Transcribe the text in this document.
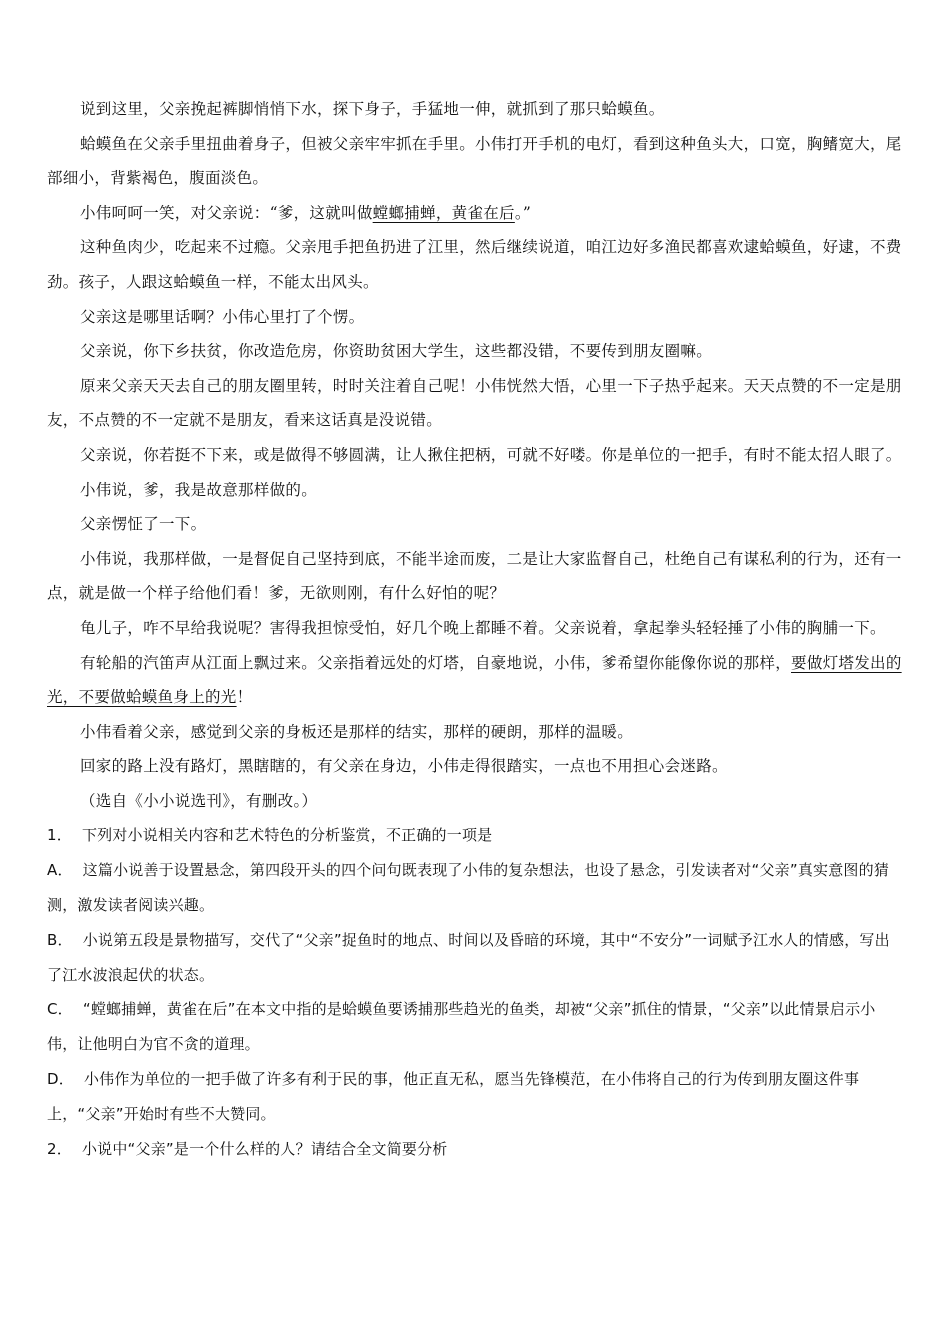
说到这里，父亲挽起裤脚悄悄下水，探下身子，手猛地一伸，就抓到了那只蛤蟆鱼。

蛤蟆鱼在父亲手里扭曲着身子，但被父亲牢牢抓在手里。小伟打开手机的电灯，看到这种鱼头大，口宽，胸鳍宽大，尾部细小，背紫褐色，腹面淡色。

小伟呵呵一笑，对父亲说：“爹，这就叫做螳螂捕蝉，黄雀在后。”

这种鱼肉少，吃起来不过瘾。父亲甩手把鱼扔进了江里，然后继续说道，咱江边好多渔民都喜欢逮蛤蟆鱼，好逮，不费劲。孩子，人跟这蛤蟆鱼一样，不能太出风头。

父亲这是哪里话啊？小伟心里打了个愣。

父亲说，你下乡扶贫，你改造危房，你资助贫困大学生，这些都没错，不要传到朋友圈嘛。

原来父亲天天去自己的朋友圈里转，时时关注着自己呢！小伟恍然大悟，心里一下子热乎起来。天天点赞的不一定是朋友，不点赞的不一定就不是朋友，看来这话真是没说错。

父亲说，你若挺不下来，或是做得不够圆满，让人揪住把柄，可就不好喽。你是单位的一把手，有时不能太招人眼了。

小伟说，爹，我是故意那样做的。

父亲愣怔了一下。

小伟说，我那样做，一是督促自己坚持到底，不能半途而废，二是让大家监督自己，杜绝自己有谋私利的行为，还有一点，就是做一个样子给他们看！爹，无欲则刚，有什么好怕的呢？

龟儿子，咋不早给我说呢？害得我担惊受怕，好几个晚上都睡不着。父亲说着，拿起拳头轻轻捶了小伟的胸脯一下。

有轮船的汽笛声从江面上飘过来。父亲指着远处的灯塔，自豪地说，小伟，爹希望你能像你说的那样，要做灯塔发出的光，不要做蛤蟆鱼身上的光！

小伟看着父亲，感觉到父亲的身板还是那样的结实，那样的硬朗，那样的温暖。

回家的路上没有路灯，黑瞎瞎的，有父亲在身边，小伟走得很踏实，一点也不用担心会迷路。

（选自《小小说选刊》，有删改。）

1． 下列对小说相关内容和艺术特色的分析鉴赏，不正确的一项是

A． 这篇小说善于设置悬念，第四段开头的四个问句既表现了小伟的复杂想法，也设了悬念，引发读者对“父亲”真实意图的猜测，激发读者阅读兴趣。

B． 小说第五段是景物描写，交代了“父亲”捉鱼时的地点、时间以及昏暗的环境，其中“不安分”一词赋予江水人的情感，写出了江水波浪起伏的状态。

C． “螳螂捕蝉，黄雀在后”在本文中指的是蛤蟆鱼要诱捕那些趋光的鱼类，却被“父亲”抓住的情景，“父亲”以此情景启示小伟，让他明白为官不贪的道理。

D． 小伟作为单位的一把手做了许多有利于民的事，他正直无私，愿当先锋模范，在小伟将自己的行为传到朋友圈这件事上，“父亲”开始时有些不大赞同。

2． 小说中“父亲”是一个什么样的人？请结合全文简要分析
